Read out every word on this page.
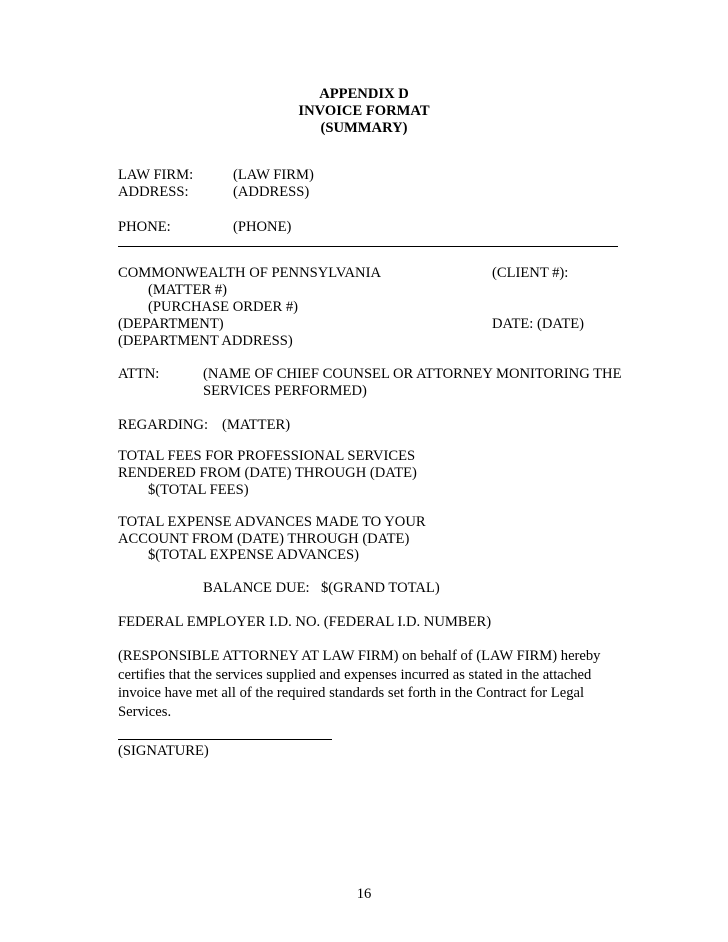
APPENDIX D
INVOICE FORMAT
(SUMMARY)
LAW FIRM:	(LAW FIRM)
ADDRESS:	(ADDRESS)
PHONE:	(PHONE)
COMMONWEALTH OF PENNSYLVANIA	(CLIENT #):
(MATTER #)
(PURCHASE ORDER #)
(DEPARTMENT)	DATE: (DATE)
(DEPARTMENT ADDRESS)
ATTN:	(NAME OF CHIEF COUNSEL OR ATTORNEY MONITORING THE
SERVICES PERFORMED)
REGARDING: (MATTER)
TOTAL FEES FOR PROFESSIONAL SERVICES
RENDERED FROM (DATE) THROUGH (DATE)
$(TOTAL FEES)
TOTAL EXPENSE ADVANCES MADE TO YOUR
ACCOUNT FROM (DATE) THROUGH (DATE)
$(TOTAL EXPENSE ADVANCES)
BALANCE DUE: $(GRAND TOTAL)
FEDERAL EMPLOYER I.D. NO. (FEDERAL I.D. NUMBER)
(RESPONSIBLE ATTORNEY AT LAW FIRM) on behalf of (LAW FIRM) hereby certifies that the services supplied and expenses incurred as stated in the attached invoice have met all of the required standards set forth in the Contract for Legal Services.
(SIGNATURE)
16
